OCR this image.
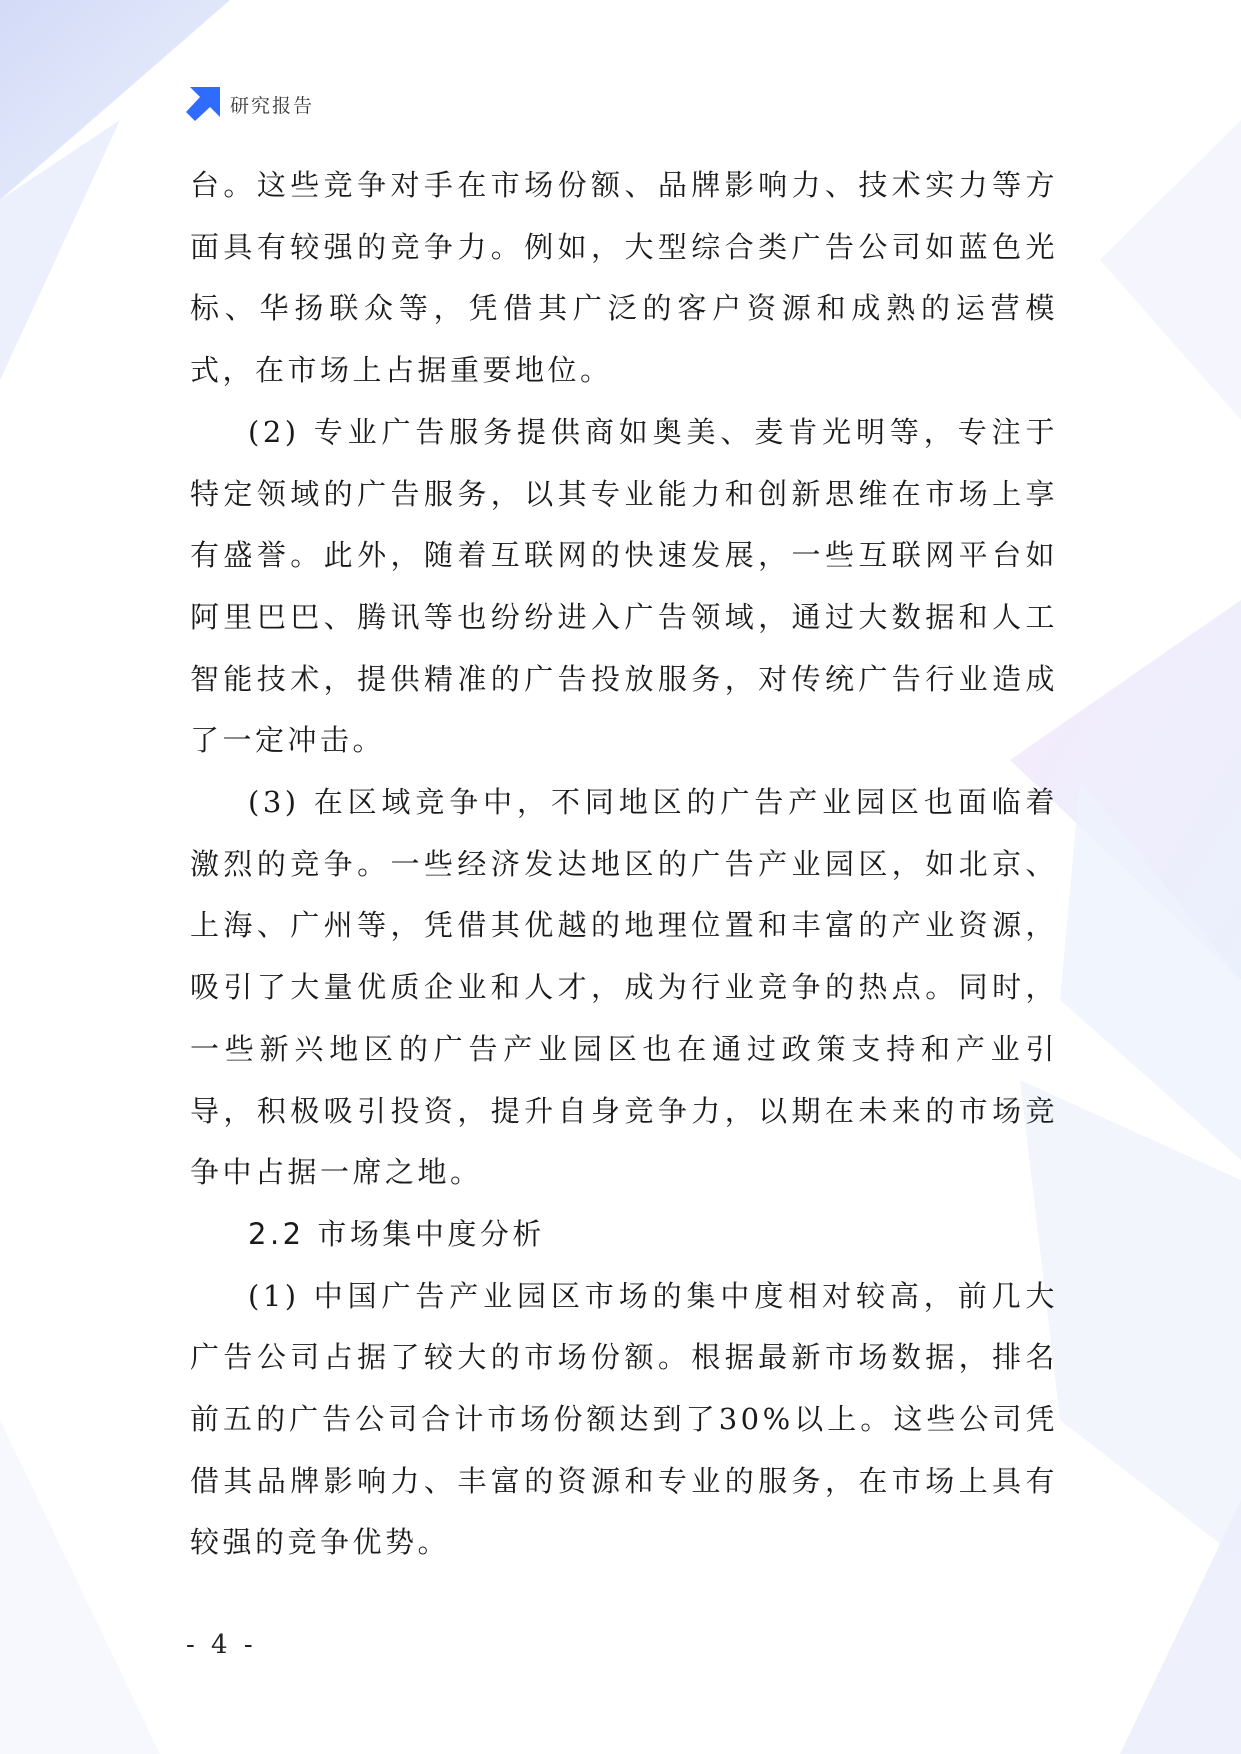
研究报告

台。这些竞争对手在市场份额、品牌影响力、技术实力等方面具有较强的竞争力。例如，大型综合类广告公司如蓝色光标、华扬联众等，凭借其广泛的客户资源和成熟的运营模式，在市场上占据重要地位。

(2) 专业广告服务提供商如奥美、麦肯光明等，专注于特定领域的广告服务，以其专业能力和创新思维在市场上享有盛誉。此外，随着互联网的快速发展，一些互联网平台如阿里巴巴、腾讯等也纷纷进入广告领域，通过大数据和人工智能技术，提供精准的广告投放服务，对传统广告行业造成了一定冲击。

(3) 在区域竞争中，不同地区的广告产业园区也面临着激烈的竞争。一些经济发达地区的广告产业园区，如北京、上海、广州等，凭借其优越的地理位置和丰富的产业资源，吸引了大量优质企业和人才，成为行业竞争的热点。同时，一些新兴地区的广告产业园区也在通过政策支持和产业引导，积极吸引投资，提升自身竞争力，以期在未来的市场竞争中占据一席之地。

2.2 市场集中度分析

(1) 中国广告产业园区市场的集中度相对较高，前几大广告公司占据了较大的市场份额。根据最新市场数据，排名前五的广告公司合计市场份额达到了30%以上。这些公司凭借其品牌影响力、丰富的资源和专业的服务，在市场上具有较强的竞争优势。

- 4 -
